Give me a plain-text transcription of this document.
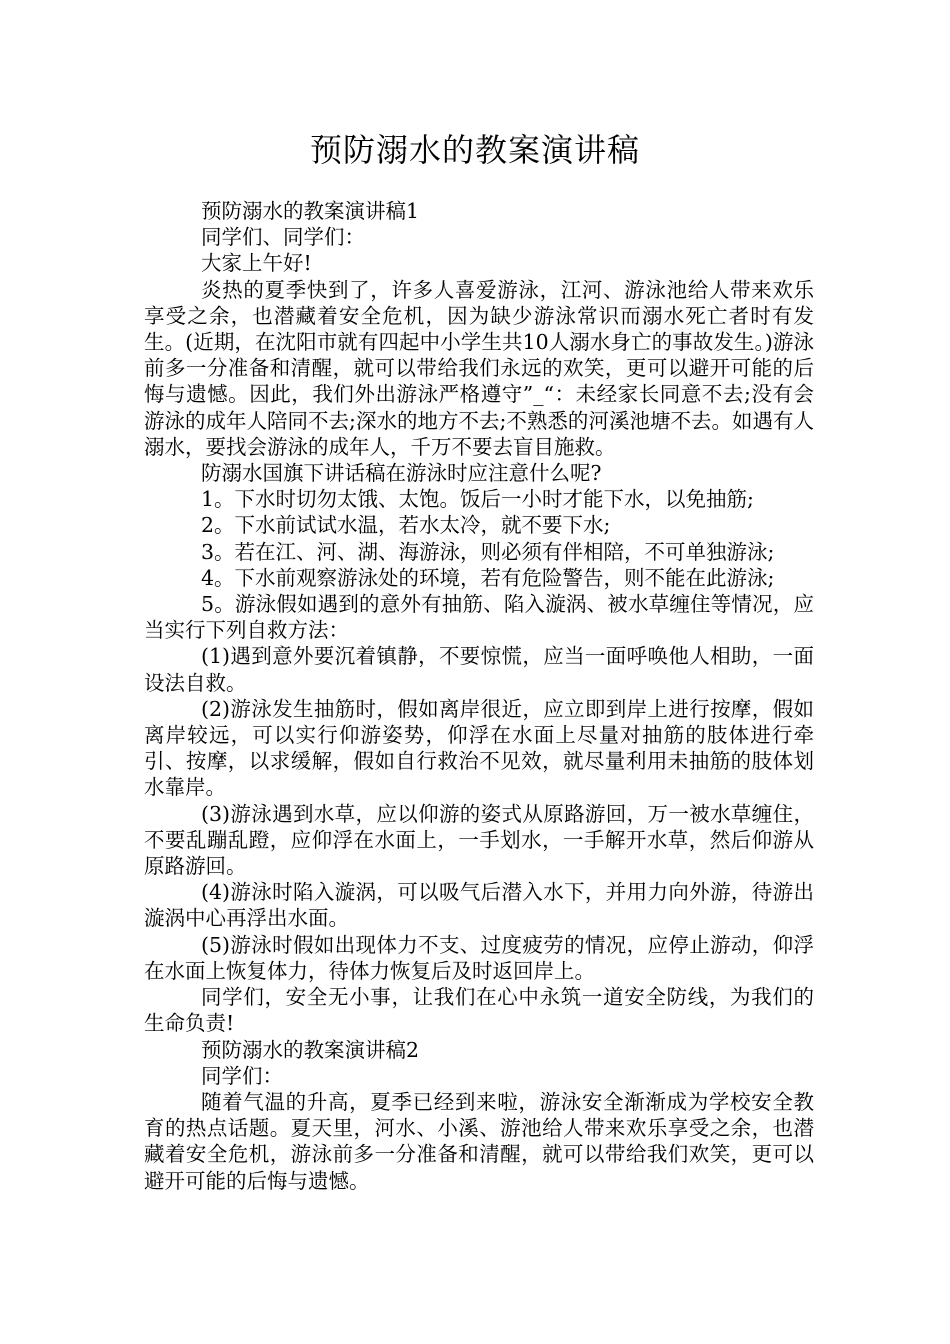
预防溺水的教案演讲稿

预防溺水的教案演讲稿1

同学们、同学们：

大家上午好!

炎热的夏季快到了，许多人喜爱游泳，江河、游泳池给人带来欢乐享受之余，也潜藏着安全危机，因为缺少游泳常识而溺水死亡者时有发生。(近期，在沈阳市就有四起中小学生共10人溺水身亡的事故发生。)游泳前多一分准备和清醒，就可以带给我们永远的欢笑，更可以避开可能的后悔与遗憾。因此，我们外出游泳严格遵守”_“：未经家长同意不去;没有会游泳的成年人陪同不去;深水的地方不去;不熟悉的河溪池塘不去。如遇有人溺水，要找会游泳的成年人，千万不要去盲目施救。

防溺水国旗下讲话稿在游泳时应注意什么呢?

1。下水时切勿太饿、太饱。饭后一小时才能下水，以免抽筋;

2。下水前试试水温，若水太冷，就不要下水;

3。若在江、河、湖、海游泳，则必须有伴相陪，不可单独游泳;

4。下水前观察游泳处的环境，若有危险警告，则不能在此游泳;

5。游泳假如遇到的意外有抽筋、陷入漩涡、被水草缠住等情况，应当实行下列自救方法：

(1)遇到意外要沉着镇静，不要惊慌，应当一面呼唤他人相助，一面设法自救。

(2)游泳发生抽筋时，假如离岸很近，应立即到岸上进行按摩，假如离岸较远，可以实行仰游姿势，仰浮在水面上尽量对抽筋的肢体进行牵引、按摩，以求缓解，假如自行救治不见效，就尽量利用未抽筋的肢体划水靠岸。

(3)游泳遇到水草，应以仰游的姿式从原路游回，万一被水草缠住，不要乱蹦乱蹬，应仰浮在水面上，一手划水，一手解开水草，然后仰游从原路游回。

(4)游泳时陷入漩涡，可以吸气后潜入水下，并用力向外游，待游出漩涡中心再浮出水面。

(5)游泳时假如出现体力不支、过度疲劳的情况，应停止游动，仰浮在水面上恢复体力，待体力恢复后及时返回岸上。

同学们，安全无小事，让我们在心中永筑一道安全防线，为我们的生命负责!

预防溺水的教案演讲稿2

同学们：

随着气温的升高，夏季已经到来啦，游泳安全渐渐成为学校安全教育的热点话题。夏天里，河水、小溪、游池给人带来欢乐享受之余，也潜藏着安全危机，游泳前多一分准备和清醒，就可以带给我们欢笑，更可以避开可能的后悔与遗憾。
